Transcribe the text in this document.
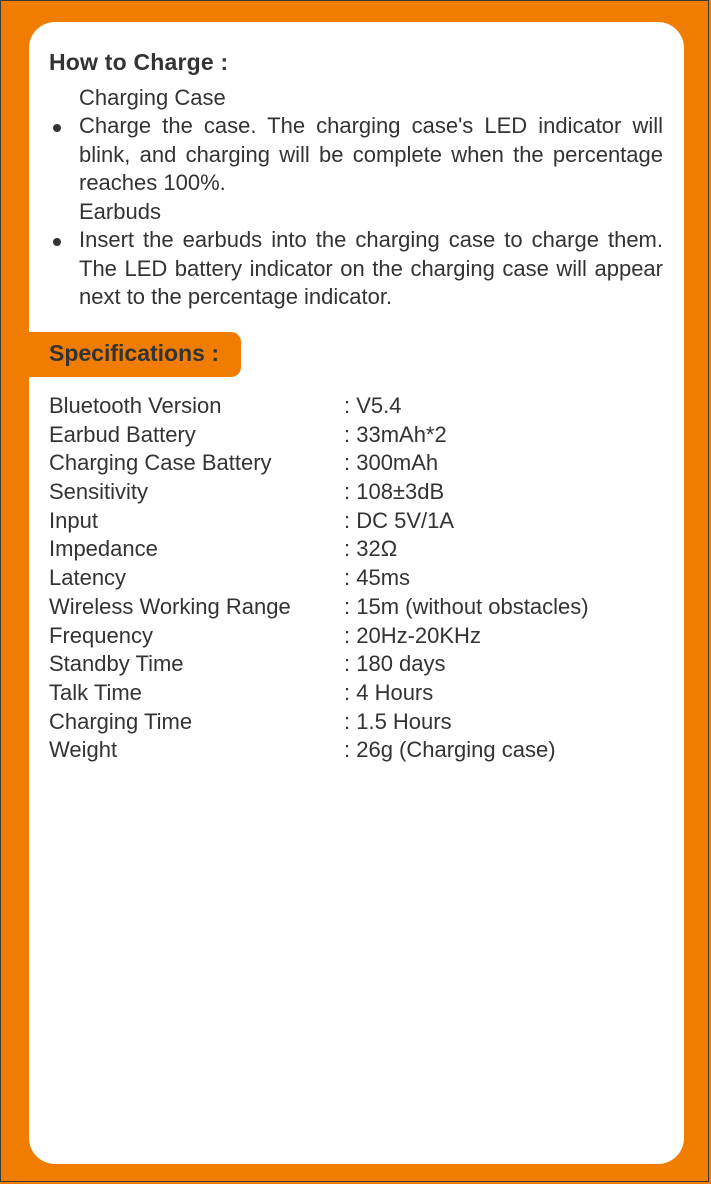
How to Charge :
Charging Case
Charge the case. The charging case's LED indicator will blink, and charging will be complete when the percentage reaches 100%.
Earbuds
Insert the earbuds into the charging case to charge them. The LED battery indicator on the charging case will appear next to the percentage indicator.
Specifications :
Bluetooth Version	: V5.4
Earbud Battery	: 33mAh*2
Charging Case Battery	: 300mAh
Sensitivity	: 108±3dB
Input	: DC 5V/1A
Impedance	: 32Ω
Latency	: 45ms
Wireless Working Range : 15m (without obstacles)
Frequency	: 20Hz-20KHz
Standby Time	: 180 days
Talk Time	: 4 Hours
Charging Time	: 1.5 Hours
Weight	: 26g (Charging case)
